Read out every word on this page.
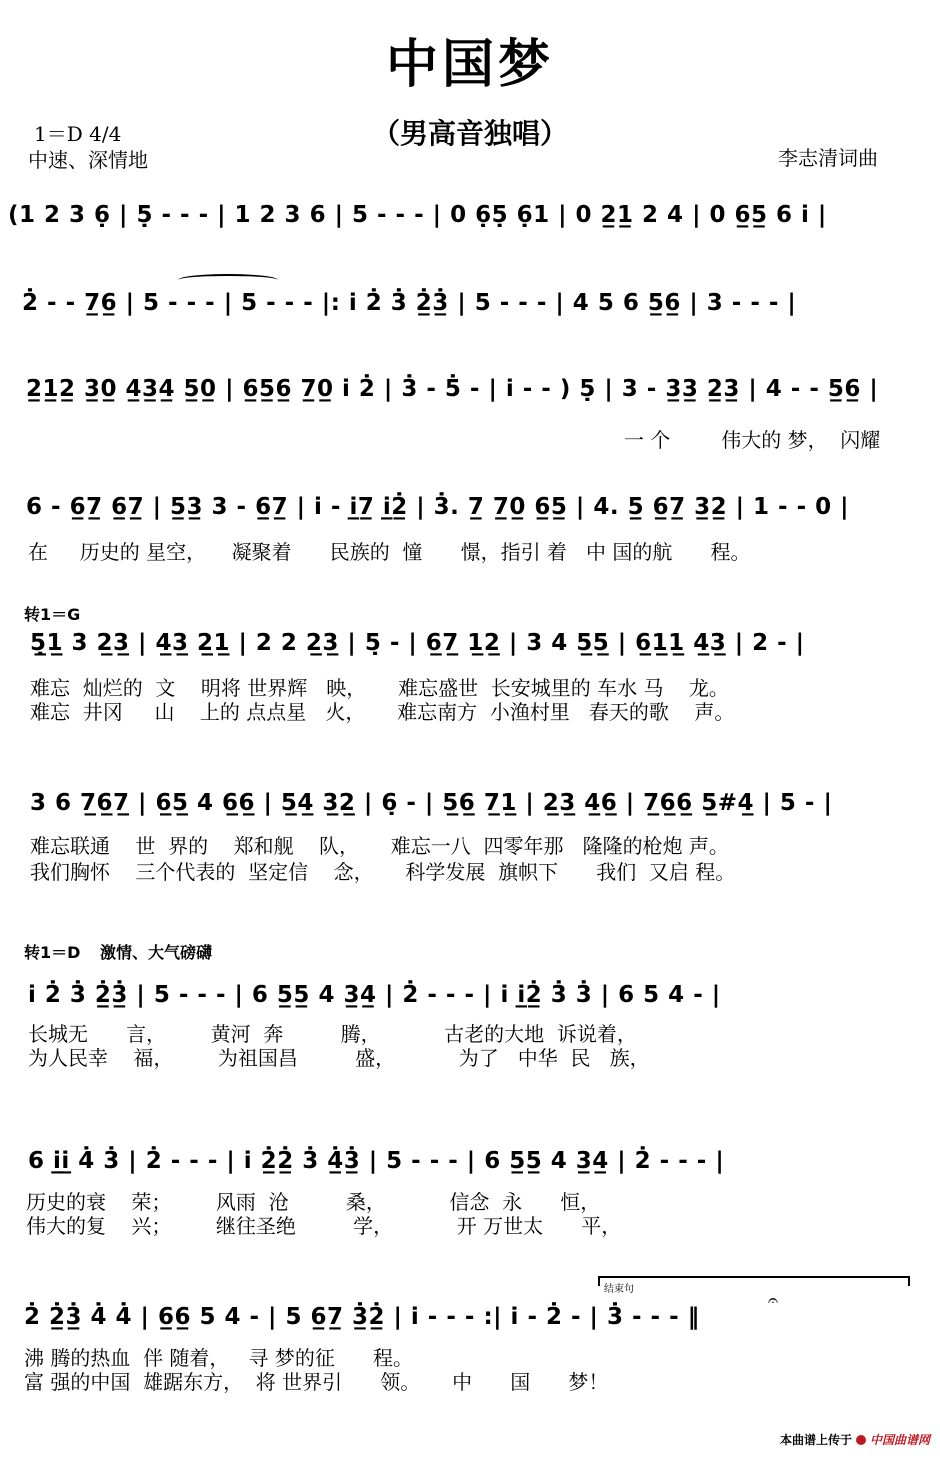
中国梦
（男高音独唱）
1＝D 4/4
中速、深情地	李志清词曲
(1 2 3 6̣ | 5̣ - - - | 1 2 3 6 | 5 - - - | 0 6̣5̣ 6̣1 | 0 2̲1̲ 2 4 | 0 6̲5̲ 6 i |
2̇ - - 7̲6̲ | 5 - - - | 5 - - - |: i 2̇ 3̇ 2̲̇3̲̇ | 5 - - - | 4 5 6 5̲6̲ | 3 - - - |
2̲1̲2̲ 3̲0̲ 4̲3̲4̲ 5̲0̲ | 6̲5̲6̲ 7̲0̲ i 2̇ | 3̇ - 5̇ - | i - - ) 5̣ | 3 - 3̲3̲ 2̲3̲ | 4 - - 5̲6̲ |
一 个        伟大的 梦，  闪耀
6 - 6̲7̲ 6̲7̲ | 5̲3̲ 3 - 6̲7̲ | i - i̲7̲ i̲2̲̇ | 3̇. 7̲ 7̲0̲ 6̲5̲ | 4. 5̲ 6̲7̲ 3̲2̲ | 1 - - 0 |
在     历史的 星空，    凝聚着      民族的  憧      憬，指引 着   中 国的航      程。
转1＝G
5̣̲1̲ 3 2̲3̲ | 4̲3̲ 2̲1̲ | 2 2 2̲3̲ | 5̣ - | 6̲7̲ 1̲2̲ | 3 4 5̲5̲ | 6̲1̲1̲ 4̲3̲ | 2 - |
难忘  灿烂的  文    明将 世界辉   映，     难忘盛世  长安城里的 车水 马    龙。
难忘  井冈     山    上的 点点星   火，     难忘南方  小渔村里   春天的歌    声。
3 6 7̲6̲7̲ | 6̲5̲ 4 6̲6̲ | 5̲4̲ 3̲2̲ | 6̣ - | 5̲6̲ 7̲1̲ | 2̲3̲ 4̲6̲ | 7̲6̲6̲ 5̲#4̲ | 5 - |
难忘联通    世  界的    郑和舰    队，     难忘一八  四零年那   隆隆的枪炮 声。
我们胸怀    三个代表的  坚定信    念，     科学发展  旗帜下      我们  又启 程。
转1＝D 激情、大气磅礴
i 2̇ 3̇ 2̲̇3̲̇ | 5 - - - | 6 5̲5̲ 4 3̲4̲ | 2̇ - - - | i i̲2̲̇ 3̇ 3̇ | 6 5 4 - |
长城无      言，       黄河  奔         腾，          古老的大地  诉说着，
为人民幸    福，       为祖国昌         盛，          为了   中华  民   族，
6 i̲i̲ 4̇ 3̇ | 2̇ - - - | i 2̲̇2̲̇ 3̇ 4̲̇3̲̇ | 5 - - - | 6 5̲5̲ 4 3̲4̲ | 2̇ - - - |
历史的衰    荣；       风雨  沧         桑，          信念  永      恒，
伟大的复    兴；       继往圣绝         学，          开 万世太      平，
结束句
𝄐
2̇ 2̲̇3̲̇ 4̇ 4̇ | 6̲6̲ 5 4 - | 5 6̲7̲ 3̲̇2̲̇ | i - - - :| i - 2̇ - | 3̇ - - - ‖
沸 腾的热血  伴 随着，   寻 梦的征      程。
富 强的中国  雄踞东方，  将 世界引      领。     中      国      梦！
本曲谱上传于 中国曲谱网
